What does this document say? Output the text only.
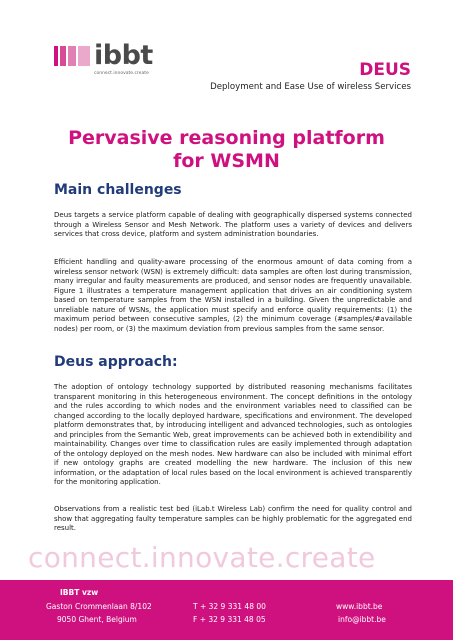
ibbt
connect.innovate.create	DEUS
Deployment and Ease Use of wireless Services
Pervasive reasoning platform
for WSMN
Main challenges
Deus targets a service platform capable of dealing with geographically dispersed systems connected through a Wireless Sensor and Mesh Network. The platform uses a variety of devices and delivers services that cross device, platform and system administration boundaries.
Efficient handling and quality-aware processing of the enormous amount of data coming from a wireless sensor network (WSN) is extremely difficult: data samples are often lost during transmission, many irregular and faulty measurements are produced, and sensor nodes are frequently unavailable. Figure 1 illustrates a temperature management application that drives an air conditioning system based on temperature samples from the WSN installed in a building. Given the unpredictable and unreliable nature of WSNs, the application must specify and enforce quality requirements: (1) the maximum period between consecutive samples, (2) the minimum coverage (#samples/#available nodes) per room, or (3) the maximum deviation from previous samples from the same sensor.
Deus approach:
The adoption of ontology technology supported by distributed reasoning mechanisms facilitates transparent monitoring in this heterogeneous environment. The concept definitions in the ontology and the rules according to which nodes and the environment variables need to classified can be changed according to the locally deployed hardware, specifications and environment. The developed platform demonstrates that, by introducing intelligent and advanced technologies, such as ontologies and principles from the Semantic Web, great improvements can be achieved both in extendibility and maintainability. Changes over time to classification rules are easily implemented through adaptation of the ontology deployed on the mesh nodes. New hardware can also be included with minimal effort if new ontology graphs are created modelling the new hardware. The inclusion of this new information, or the adaptation of local rules based on the local environment is achieved transparently for the monitoring application.
Observations from a realistic test bed (iLab.t Wireless Lab) confirm the need for quality control and show that aggregating faulty temperature samples can be highly problematic for the aggregated end result.
connect.innovate.create
IBBT vzw
Gaston Crommenlaan 8/102
9050 Ghent, Belgium
T + 32 9 331 48 00
F + 32 9 331 48 05
www.ibbt.be
info@ibbt.be
